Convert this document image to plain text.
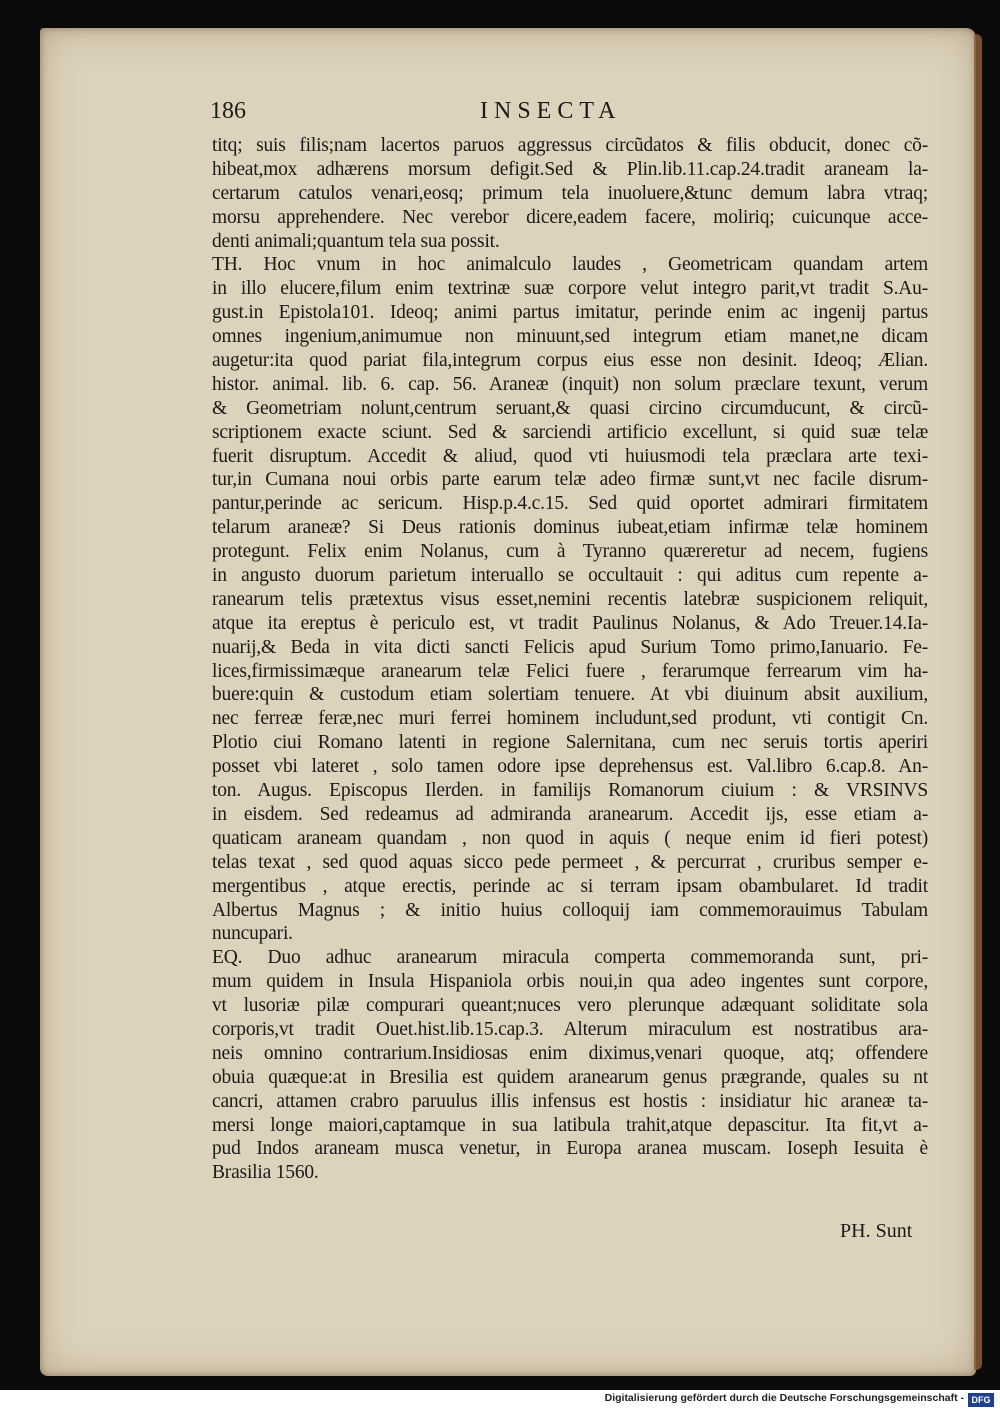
186	INSECTA
titq; suis filis;nam lacertos paruos aggressus circũdatos & filis obducit, donec cõ-
hibeat,mox adhærens morsum defigit.Sed & Plin.lib.11.cap.24.tradit araneam la-
certarum catulos venari,eosq; primum tela inuoluere,&tunc demum labra vtraq;
morsu apprehendere. Nec verebor dicere,eadem facere, moliriq; cuicunque acce-
denti animali;quantum tela sua possit.
TH. Hoc vnum in hoc animalculo laudes , Geometricam quandam artem
in illo elucere,filum enim textrinæ suæ corpore velut integro parit,vt tradit S.Au-
gust.in Epistola101. Ideoq; animi partus imitatur, perinde enim ac ingenij partus
omnes ingenium,animumue non minuunt,sed integrum etiam manet,ne dicam
augetur:ita quod pariat fila,integrum corpus eius esse non desinit. Ideoq; Ælian.
histor. animal. lib. 6. cap. 56. Araneæ (inquit) non solum præclare texunt, verum
& Geometriam nolunt,centrum seruant,& quasi circino circumducunt, & circũ-
scriptionem exacte sciunt. Sed & sarciendi artificio excellunt, si quid suæ telæ
fuerit disruptum. Accedit & aliud, quod vti huiusmodi tela præclara arte texi-
tur,in Cumana noui orbis parte earum telæ adeo firmæ sunt,vt nec facile disrum-
pantur,perinde ac sericum. Hisp.p.4.c.15. Sed quid oportet admirari firmitatem
telarum araneæ? Si Deus rationis dominus iubeat,etiam infirmæ telæ hominem
protegunt. Felix enim Nolanus, cum à Tyranno quæreretur ad necem, fugiens
in angusto duorum parietum interuallo se occultauit : qui aditus cum repente a-
ranearum telis prætextus visus esset,nemini recentis latebræ suspicionem reliquit,
atque ita ereptus è periculo est, vt tradit Paulinus Nolanus, & Ado Treuer.14.Ia-
nuarij,& Beda in vita dicti sancti Felicis apud Surium Tomo primo,Ianuario. Fe-
lices,firmissimæque aranearum telæ Felici fuere , ferarumque ferrearum vim ha-
buere:quin & custodum etiam solertiam tenuere. At vbi diuinum absit auxilium,
nec ferreæ feræ,nec muri ferrei hominem includunt,sed produnt, vti contigit Cn.
Plotio ciui Romano latenti in regione Salernitana, cum nec seruis tortis aperiri
posset vbi lateret , solo tamen odore ipse deprehensus est. Val.libro 6.cap.8. An-
ton. Augus. Episcopus Ilerden. in familijs Romanorum ciuium : & VRSINVS
in eisdem. Sed redeamus ad admiranda aranearum. Accedit ijs, esse etiam a-
quaticam araneam quandam , non quod in aquis ( neque enim id fieri potest)
telas texat , sed quod aquas sicco pede permeet , & percurrat , cruribus semper e-
mergentibus , atque erectis, perinde ac si terram ipsam obambularet. Id tradit
Albertus Magnus ; & initio huius colloquij iam commemorauimus Tabulam
nuncupari.
EQ. Duo adhuc aranearum miracula comperta commemoranda sunt, pri-
mum quidem in Insula Hispaniola orbis noui,in qua adeo ingentes sunt corpore,
vt lusoriæ pilæ compurari queant;nuces vero plerunque adæquant soliditate sola
corporis,vt tradit Ouet.hist.lib.15.cap.3. Alterum miraculum est nostratibus ara-
neis omnino contrarium.Insidiosas enim diximus,venari quoque, atq; offendere
obuia quæque:at in Bresilia est quidem aranearum genus prægrande, quales su nt
cancri, attamen crabro paruulus illis infensus est hostis : insidiatur hic araneæ ta-
mersi longe maiori,captamque in sua latibula trahit,atque depascitur. Ita fit,vt a-
pud Indos araneam musca venetur, in Europa aranea muscam. Ioseph Iesuita è
Brasilia 1560.
PH. Sunt
Digitalisierung gefördert durch die Deutsche Forschungsgemeinschaft - DFG
